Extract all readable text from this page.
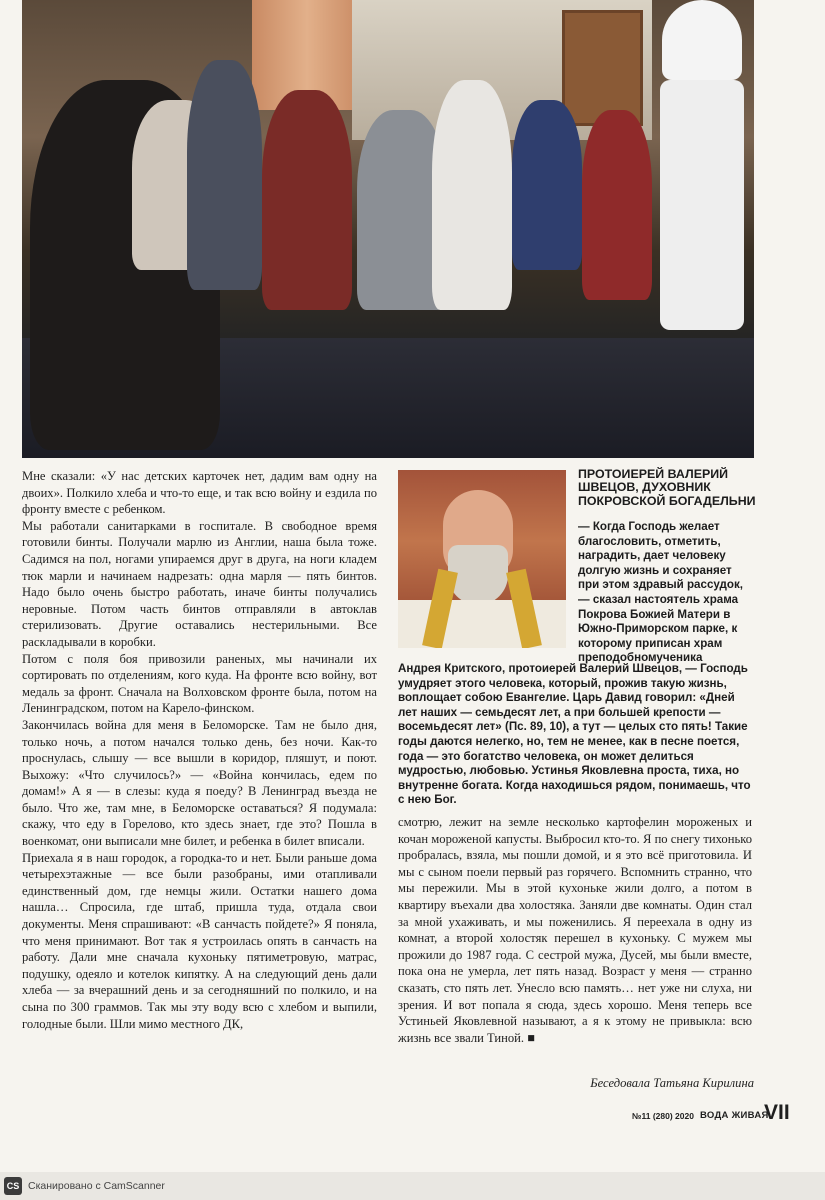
Мне сказали: «У нас детских карточек нет, дадим вам одну на двоих». Полкило хлеба и что-то еще, и так всю войну и ездила по фронту вместе с ребенком.

Мы работали санитарками в госпитале. В свободное время готовили бинты. Получали марлю из Англии, наша была тоже. Садимся на пол, ногами упираемся друг в друга, на ноги кладем тюк марли и начинаем надрезать: одна марля — пять бинтов. Надо было очень быстро работать, иначе бинты получались неровные. Потом часть бинтов отправляли в автоклав стерилизовать. Другие оставались нестерильными. Все раскладывали в коробки.

Потом с поля боя привозили раненых, мы начинали их сортировать по отделениям, кого куда. На фронте всю войну, вот медаль за фронт. Сначала на Волховском фронте была, потом на Ленинградском, потом на Карело-финском.

Закончилась война для меня в Беломорске. Там не было дня, только ночь, а потом начался только день, без ночи. Как-то проснулась, слышу — все вышли в коридор, пляшут, и поют. Выхожу: «Что случилось?» — «Война кончилась, едем по домам!» А я — в слезы: куда я поеду? В Ленинград въезда не было. Что же, там мне, в Беломорске оставаться? Я подумала: скажу, что еду в Горелово, кто здесь знает, где это? Пошла в военкомат, они выписали мне билет, и ребенка в билет вписали.

Приехала я в наш городок, а городка-то и нет. Были раньше дома четырехэтажные — все были разобраны, ими отапливали единственный дом, где немцы жили. Остатки нашего дома нашла… Спросила, где штаб, пришла туда, отдала свои документы. Меня спрашивают: «В санчасть пойдете?» Я поняла, что меня принимают. Вот так я устроилась опять в санчасть на работу. Дали мне сначала кухоньку пятиметровую, матрас, подушку, одеяло и котелок кипятку. А на следующий день дали хлеба — за вчерашний день и за сегодняшний по полкило, и на сына по 300 граммов. Так мы эту воду всю с хлебом и выпили, голодные были. Шли мимо местного ДК,

ПРОТОИЕРЕЙ ВАЛЕРИЙ ШВЕЦОВ, ДУХОВНИК ПОКРОВСКОЙ БОГАДЕЛЬНИ
— Когда Господь желает благословить, отметить, наградить, дает человеку долгую жизнь и сохраняет при этом здравый рассудок, — сказал настоятель храма Покрова Божией Матери в Южно-Приморском парке, к которому приписан храм преподобномученика
Андрея Критского, протоиерей Валерий Швецов, — Господь умудряет этого человека, который, прожив такую жизнь, воплощает собою Евангелие. Царь Давид говорил: «Дней лет наших — семьдесят лет, а при большей крепости — восемьдесят лет» (Пс. 89, 10), а тут — целых сто пять! Такие годы даются нелегко, но, тем не менее, как в песне поется, года — это богатство человека, он может делиться мудростью, любовью. Устинья Яковлевна проста, тиха, но внутренне богата. Когда находишься рядом, понимаешь, что с нею Бог.

смотрю, лежит на земле несколько картофелин мороженых и кочан мороженой капусты. Выбросил кто-то. Я по снегу тихонько пробралась, взяла, мы пошли домой, и я это всё приготовила. И мы с сыном поели первый раз горячего. Вспомнить странно, что мы пережили. Мы в этой кухоньке жили долго, а потом в квартиру въехали два холостяка. Заняли две комнаты. Один стал за мной ухаживать, и мы поженились. Я переехала в одну из комнат, а второй холостяк перешел в кухоньку. С мужем мы прожили до 1987 года. С сестрой мужа, Дусей, мы были вместе, пока она не умерла, лет пять назад. Возраст у меня — странно сказать, сто пять лет. Унесло всю память… нет уже ни слуха, ни зрения. И вот попала я сюда, здесь хорошо. Меня теперь все Устиньей Яковлевной называют, а я к этому не привыкла: всю жизнь все звали Тиной. ■

Беседовала Татьяна Кирилина
№11 (280) 2020 ВОДА ЖИВАЯ
VII
CS Сканировано с CamScanner
